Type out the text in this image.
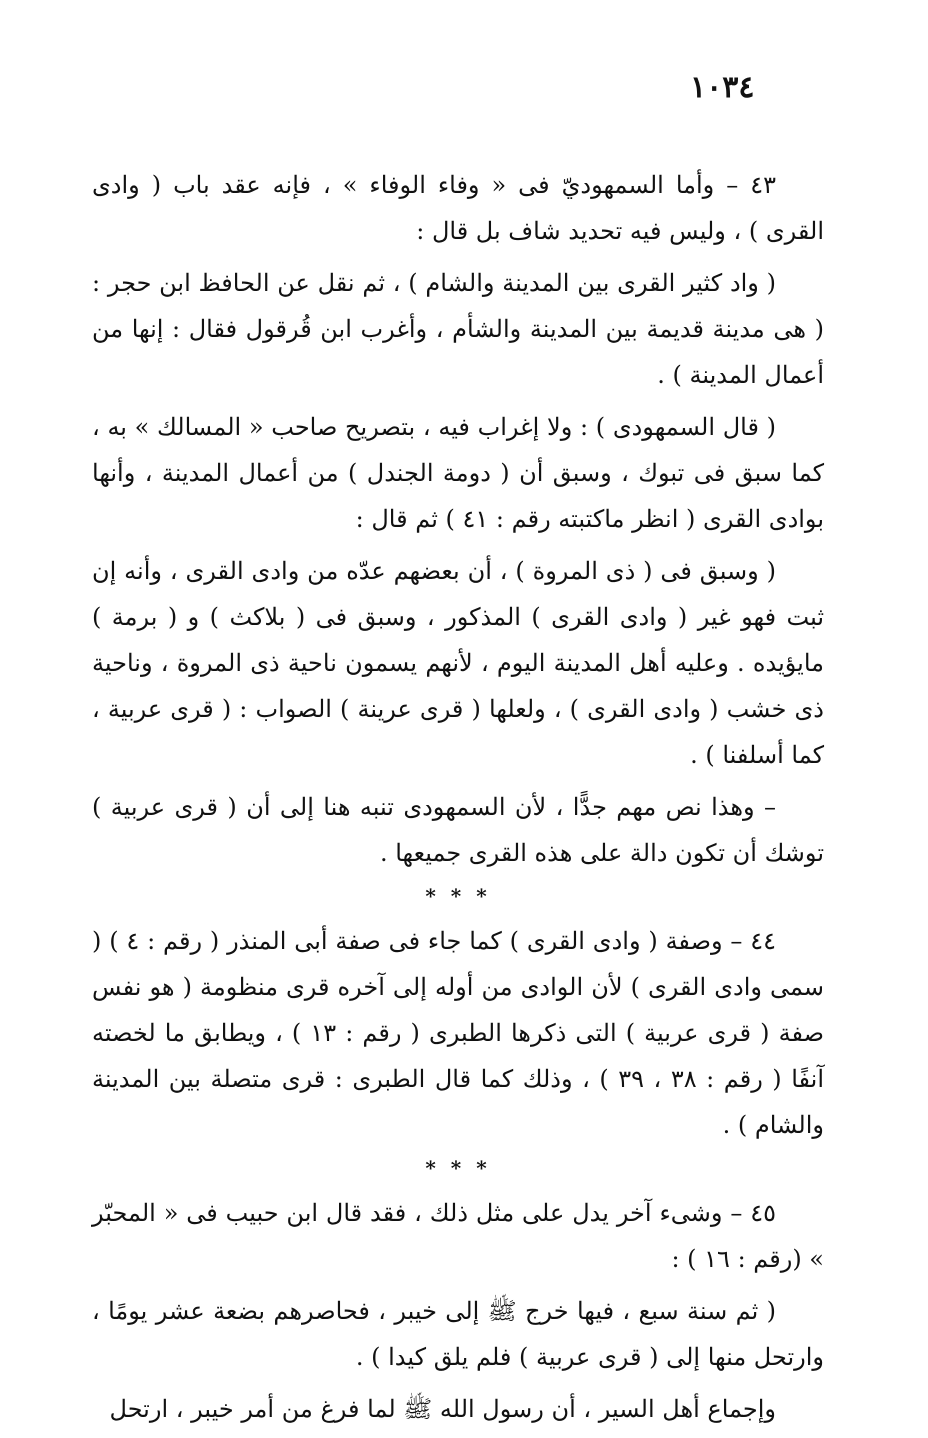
١٠٣٤

٤٣ – وأما السمهوديّ فى « وفاء الوفاء » ، فإنه عقد باب ( وادى القرى ) ، وليس فيه تحديد شاف بل قال :

( واد كثير القرى بين المدينة والشام ) ، ثم نقل عن الحافظ ابن حجر : ( هى مدينة قديمة بين المدينة والشأم ، وأغرب ابن قُرقول فقال : إنها من أعمال المدينة ) .

( قال السمهودى ) : ولا إغراب فيه ، بتصريح صاحب « المسالك » به ، كما سبق فى تبوك ، وسبق أن ( دومة الجندل ) من أعمال المدينة ، وأنها بوادى القرى ( انظر ماكتبته رقم : ٤١ ) ثم قال :

( وسبق فى ( ذى المروة ) ، أن بعضهم عدّه من وادى القرى ، وأنه إن ثبت فهو غير ( وادى القرى ) المذكور ، وسبق فى ( بلاكث ) و ( برمة ) مايؤيده . وعليه أهل المدينة اليوم ، لأنهم يسمون ناحية ذى المروة ، وناحية ذى خشب ( وادى القرى ) ، ولعلها ( قرى عرينة ) الصواب : ( قرى عربية ، كما أسلفنا ) .

– وهذا نص مهم جدًّا ، لأن السمهودى تنبه هنا إلى أن ( قرى عربية ) توشك أن تكون دالة على هذه القرى جميعها .

* * *

٤٤ – وصفة ( وادى القرى ) كما جاء فى صفة أبى المنذر ( رقم : ٤ ) ( سمى وادى القرى ) لأن الوادى من أوله إلى آخره قرى منظومة ( هو نفس صفة ( قرى عربية ) التى ذكرها الطبرى ( رقم : ١٣ ) ، ويطابق ما لخصته آنفًا ( رقم : ٣٨ ، ٣٩ ) ، وذلك كما قال الطبرى : قرى متصلة بين المدينة والشام ) .

* * *

٤٥ – وشىء آخر يدل على مثل ذلك ، فقد قال ابن حبيب فى « المحبّر » (رقم : ١٦ ) :

( ثم سنة سبع ، فيها خرج ﷺ إلى خيبر ، فحاصرهم بضعة عشر يومًا ، وارتحل منها إلى ( قرى عربية ) فلم يلق كيدا ) .

وإجماع أهل السير ، أن رسول الله ﷺ لما فرغ من أمر خيبر ، ارتحل
